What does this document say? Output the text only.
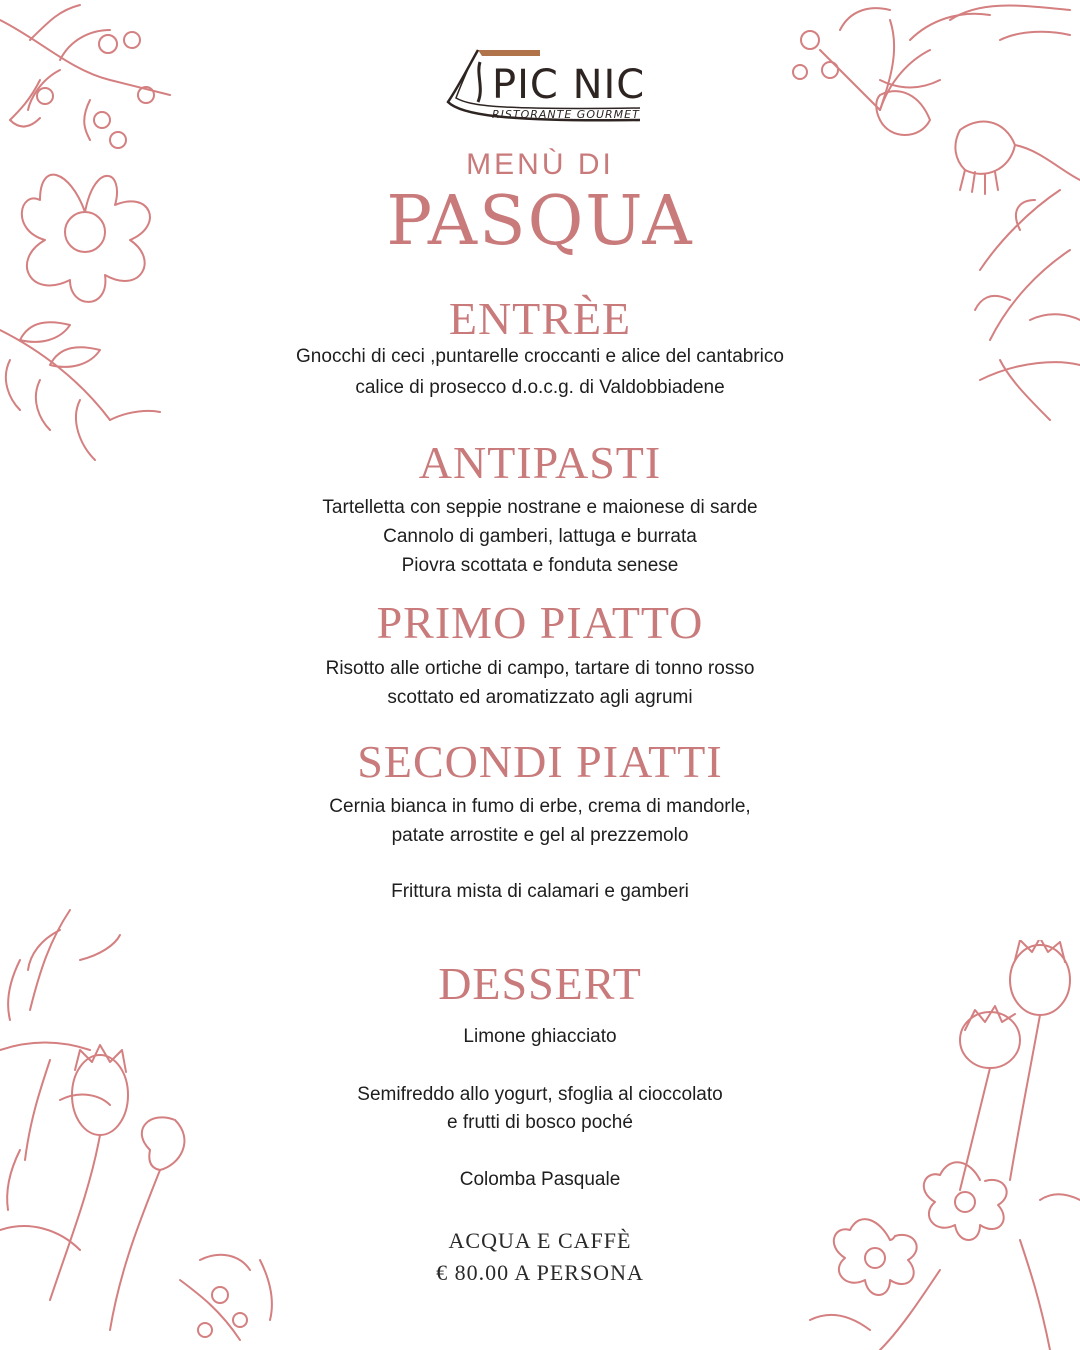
PIC NIC
RISTORANTE GOURMET
MENÙ DI
PASQUA
ENTRÈE
Gnocchi di ceci ,puntarelle croccanti e alice del cantabrico
calice di prosecco d.o.c.g. di Valdobbiadene
ANTIPASTI
Tartelletta con seppie nostrane e maionese di sarde
Cannolo di gamberi, lattuga e burrata
Piovra scottata e fonduta senese
PRIMO PIATTO
Risotto alle ortiche di campo, tartare di tonno rosso
scottato ed aromatizzato agli agrumi
SECONDI PIATTI
Cernia bianca in fumo di erbe, crema di mandorle,
patate arrostite e gel al prezzemolo
Frittura mista di calamari e gamberi
DESSERT
Limone ghiacciato
Semifreddo allo yogurt, sfoglia al cioccolato
e frutti di bosco poché
Colomba Pasquale
ACQUA E CAFFÈ
€ 80.00 A PERSONA
